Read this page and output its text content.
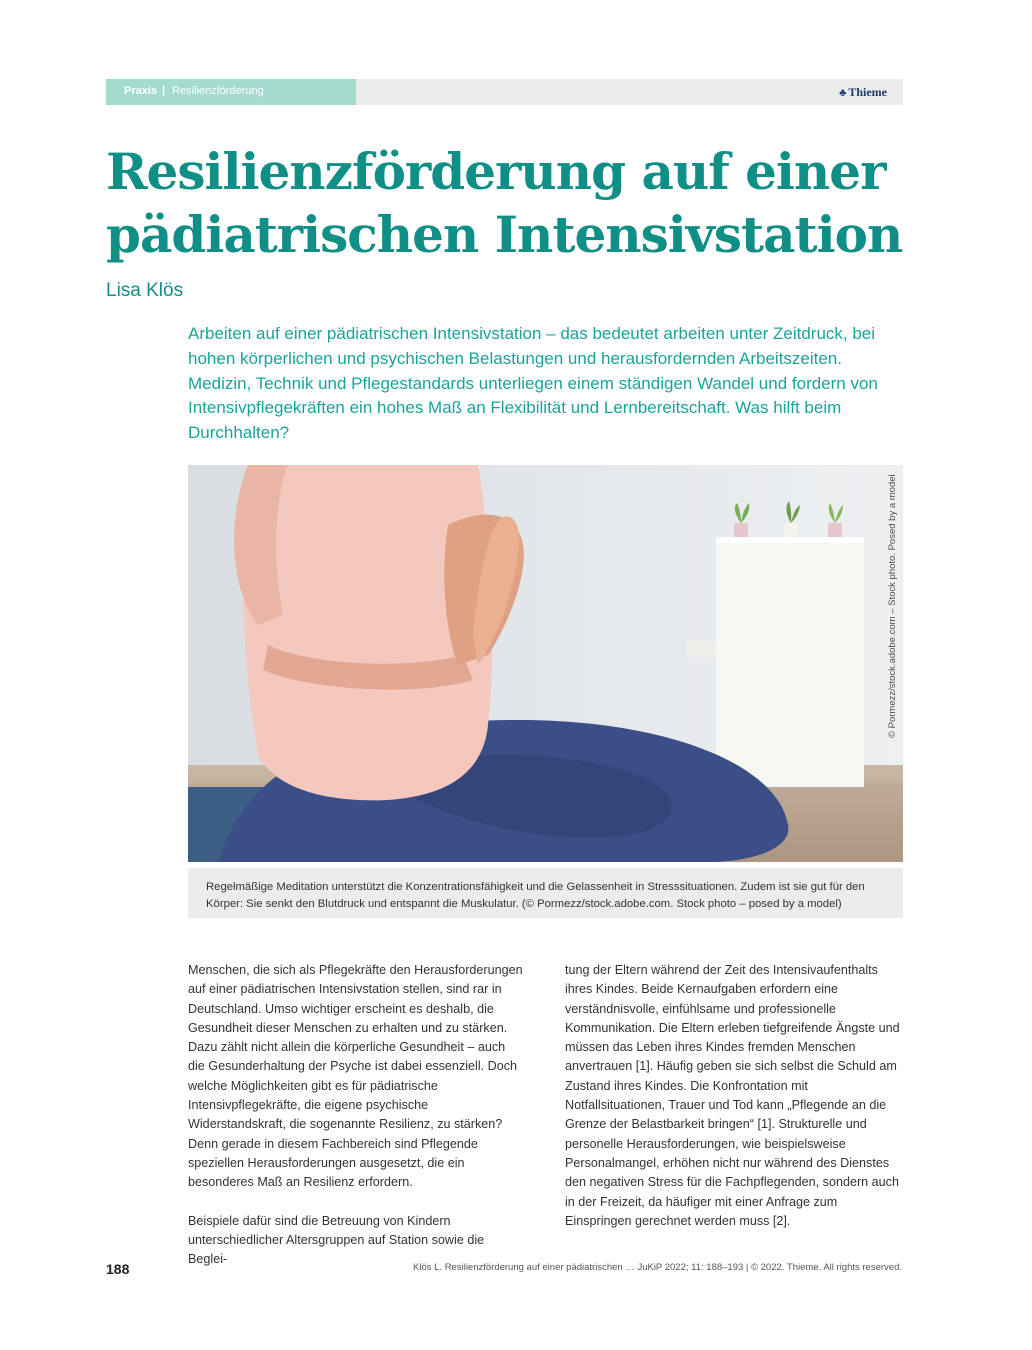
Praxis | Resilienzförderung	♣ Thieme
Resilienzförderung auf einer pädiatrischen Intensivstation
Lisa Klös

Arbeiten auf einer pädiatrischen Intensivstation – das bedeutet arbeiten unter Zeitdruck, bei hohen körperlichen und psychischen Belastungen und herausfordernden Arbeitszeiten. Medizin, Technik und Pflegestandards unterliegen einem ständigen Wandel und fordern von Intensivpflegekräften ein hohes Maß an Flexibilität und Lernbereitschaft. Was hilft beim Durchhalten?

© Pormezz/stock.adobe.com – Stock photo. Posed by a model

Regelmäßige Meditation unterstützt die Konzentrationsfähigkeit und die Gelassenheit in Stresssituationen. Zudem ist sie gut für den Körper: Sie senkt den Blutdruck und entspannt die Muskulatur. (© Pormezz/stock.adobe.com. Stock photo – posed by a model)

Menschen, die sich als Pflegekräfte den Herausforderungen auf einer pädiatrischen Intensivstation stellen, sind rar in Deutschland. Umso wichtiger erscheint es deshalb, die Gesundheit dieser Menschen zu erhalten und zu stärken. Dazu zählt nicht allein die körperliche Gesundheit – auch die Gesunderhaltung der Psyche ist dabei essenziell. Doch welche Möglichkeiten gibt es für pädiatrische Intensivpflegekräfte, die eigene psychische Widerstandskraft, die sogenannte Resilienz, zu stärken? Denn gerade in diesem Fachbereich sind Pflegende speziellen Herausforderungen ausgesetzt, die ein besonderes Maß an Resilienz erfordern.

Beispiele dafür sind die Betreuung von Kindern unterschiedlicher Altersgruppen auf Station sowie die Beglei-

tung der Eltern während der Zeit des Intensivaufenthalts ihres Kindes. Beide Kernaufgaben erfordern eine verständnisvolle, einfühlsame und professionelle Kommunikation. Die Eltern erleben tiefgreifende Ängste und müssen das Leben ihres Kindes fremden Menschen anvertrauen [1]. Häufig geben sie sich selbst die Schuld am Zustand ihres Kindes. Die Konfrontation mit Notfallsituationen, Trauer und Tod kann „Pflegende an die Grenze der Belastbarkeit bringen“ [1]. Strukturelle und personelle Herausforderungen, wie beispielsweise Personalmangel, erhöhen nicht nur während des Dienstes den negativen Stress für die Fachpflegenden, sondern auch in der Freizeit, da häufiger mit einer Anfrage zum Einspringen gerechnet werden muss [2].

188	Klös L. Resilienzförderung auf einer pädiatrischen … JuKiP 2022; 11: 188–193 | © 2022. Thieme. All rights reserved.
